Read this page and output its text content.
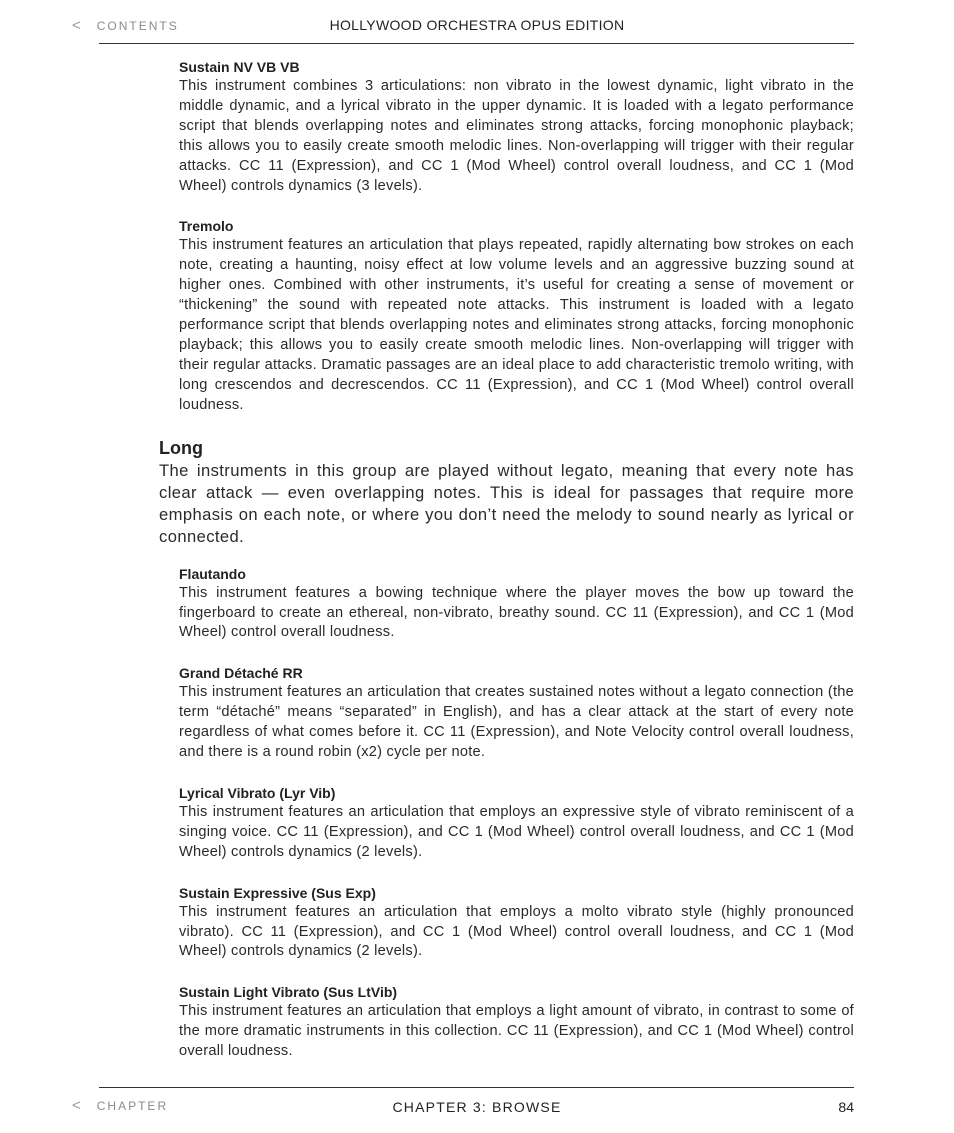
< CONTENTS	HOLLYWOOD ORCHESTRA OPUS EDITION
Sustain NV VB VB

This instrument combines 3 articulations: non vibrato in the lowest dynamic, light vibrato in the middle dynamic, and a lyrical vibrato in the upper dynamic. It is loaded with a legato performance script that blends overlapping notes and eliminates strong attacks, forcing monophonic playback; this allows you to easily create smooth melodic lines. Non-overlapping will trigger with their regular attacks. CC 11 (Expression), and CC 1 (Mod Wheel) control overall loudness, and CC 1 (Mod Wheel) controls dynamics (3 levels).

Tremolo

This instrument features an articulation that plays repeated, rapidly alternating bow strokes on each note, creating a haunting, noisy effect at low volume levels and an aggressive buzzing sound at higher ones. Combined with other instruments, it’s useful for creating a sense of movement or “thickening” the sound with repeated note attacks. This instrument is loaded with a legato performance script that blends overlapping notes and eliminates strong attacks, forcing monophonic playback; this allows you to easily create smooth melodic lines. Non-overlapping will trigger with their regular attacks. Dramatic passages are an ideal place to add characteristic tremolo writing, with long crescendos and decrescendos. CC 11 (Expression), and CC 1 (Mod Wheel) control overall loudness.

Long

The instruments in this group are played without legato, meaning that every note has clear attack — even overlapping notes. This is ideal for passages that require more emphasis on each note, or where you don’t need the melody to sound nearly as lyrical or connected.

Flautando

This instrument features a bowing technique where the player moves the bow up toward the fingerboard to create an ethereal, non-vibrato, breathy sound. CC 11 (Expression), and CC 1 (Mod Wheel) control overall loudness.

Grand Détaché RR

This instrument features an articulation that creates sustained notes without a legato connection (the term “détaché” means “separated” in English), and has a clear attack at the start of every note regardless of what comes before it. CC 11 (Expression), and Note Velocity control overall loudness, and there is a round robin (x2) cycle per note.

Lyrical Vibrato (Lyr Vib)

This instrument features an articulation that employs an expressive style of vibrato reminiscent of a singing voice. CC 11 (Expression), and CC 1 (Mod Wheel) control overall loudness, and CC 1 (Mod Wheel) controls dynamics (2 levels).

Sustain Expressive (Sus Exp)

This instrument features an articulation that employs a molto vibrato style (highly pronounced vibrato). CC 11 (Expression), and CC 1 (Mod Wheel) control overall loudness, and CC 1 (Mod Wheel) controls dynamics (2 levels).

Sustain Light Vibrato (Sus LtVib)

This instrument features an articulation that employs a light amount of vibrato, in contrast to some of the more dramatic instruments in this collection. CC 11 (Expression), and CC 1 (Mod Wheel) control overall loudness.

< CHAPTER	CHAPTER 3: BROWSE	84
